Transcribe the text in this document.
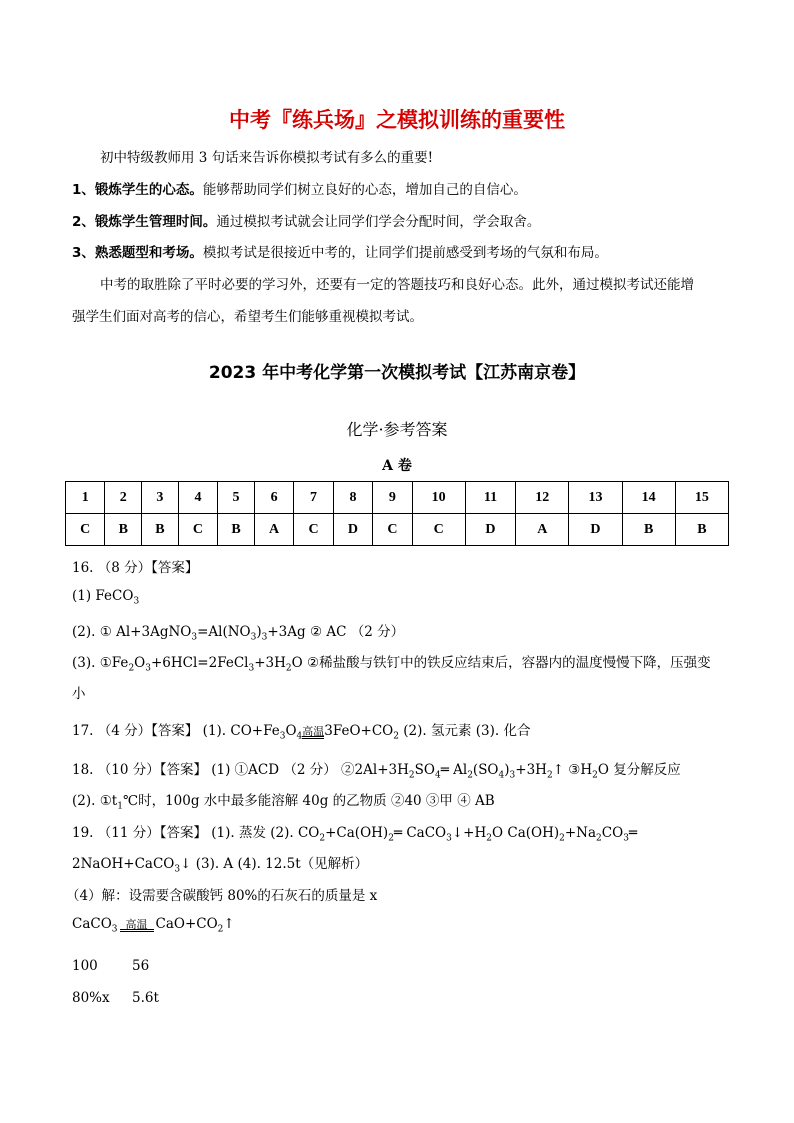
中考『练兵场』之模拟训练的重要性
初中特级教师用 3 句话来告诉你模拟考试有多么的重要!
1、锻炼学生的心态。能够帮助同学们树立良好的心态，增加自己的自信心。
2、锻炼学生管理时间。通过模拟考试就会让同学们学会分配时间，学会取舍。
3、熟悉题型和考场。模拟考试是很接近中考的，让同学们提前感受到考场的气氛和布局。
中考的取胜除了平时必要的学习外，还要有一定的答题技巧和良好心态。此外，通过模拟考试还能增
强学生们面对高考的信心，希望考生们能够重视模拟考试。
2023 年中考化学第一次模拟考试【江苏南京卷】
化学·参考答案
A 卷
1	2	3	4	5	6	7	8	9	10	11	12	13	14	15
C	B	B	C	B	A	C	D	C	C	D	A	D	B	B
16. （8 分）【答案】
(1) FeCO$_3$
(2). ① $Al+3AgNO_3=Al(NO_3)_3+3Ag$ ② AC （2 分）
(3). $①Fe_2O_3+6HCl=2FeCl_3+3H_2O$ ②稀盐酸与铁钉中的铁反应结束后，容器内的温度慢慢下降，压强变
小
17. （4 分）【答案】 (1). $CO+Fe_3O_4$ 高温 $3FeO+CO_2$ (2). 氢元素 (3). 化合
18. （10 分）【答案】 (1) ①ACD （2 分） $②2Al+3H_2SO_4═$ $Al_2(SO_4)_3+3H_2↑$ $③H_2O$ 复分解反应
(2). $①t_1℃$时，100g 水中最多能溶解 40g 的乙物质 ②40 ③甲 ④ AB
19. （11 分）【答案】 (1). 蒸发 (2). $CO_2+Ca(OH)_2═$ $CaCO_3↓+H_2O$ $Ca(OH)_2+Na_2CO_3═$
2NaOH+CaCO$_3$↓ (3). A (4). 12.5t（见解析）
（4）解：设需要含碳酸钙 80%的石灰石的质量是 x
CaCO$_3$ 高温 $CaO+CO_2↑$
100	56
80%x 5.6t
